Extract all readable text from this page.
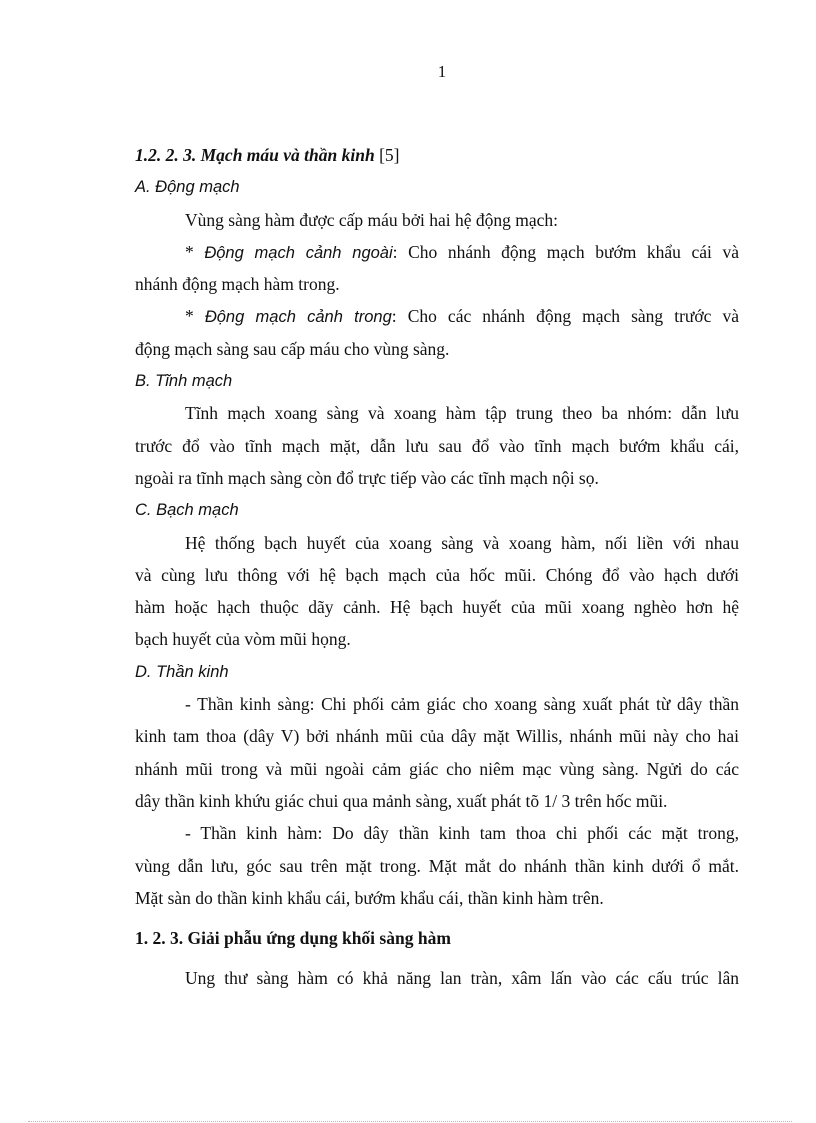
1
1.2. 2. 3. Mạch máu và thần kinh [5]
A. Động mạch
Vùng sàng hàm được cấp máu bởi hai hệ động mạch:
* Động mạch cảnh ngoài: Cho nhánh động mạch bướm khẩu cái và
nhánh động mạch hàm trong.
* Động mạch cảnh trong: Cho các nhánh động mạch sàng trước và
động mạch sàng sau cấp máu cho vùng sàng.
B. Tĩnh mạch
Tĩnh mạch xoang sàng và xoang hàm tập trung theo ba nhóm: dẫn lưu
trước đổ vào tĩnh mạch mặt, dẫn lưu sau đổ vào tĩnh mạch bướm khẩu cái,
ngoài ra tĩnh mạch sàng còn đổ trực tiếp vào các tĩnh mạch nội sọ.
C. Bạch mạch
Hệ thống bạch huyết của xoang sàng và xoang hàm, nối liền với nhau
và cùng lưu thông với hệ bạch mạch của hốc mũi. Chóng đổ vào hạch dưới
hàm hoặc hạch thuộc dãy cảnh. Hệ bạch huyết của mũi xoang nghèo hơn hệ
bạch huyết của vòm mũi họng.
D. Thần kinh
- Thần kinh sàng: Chi phối cảm giác cho xoang sàng xuất phát từ dây thần
kinh tam thoa (dây V) bởi nhánh mũi của dây mặt Willis, nhánh mũi này cho hai
nhánh mũi trong và mũi ngoài cảm giác cho niêm mạc vùng sàng. Ngửi do các
dây thần kinh khứu giác chui qua mảnh sàng, xuất phát tõ 1/ 3 trên hốc mũi.
- Thần kinh hàm: Do dây thần kinh tam thoa chi phối các mặt trong,
vùng dẫn lưu, góc sau trên mặt trong. Mặt mắt do nhánh thần kinh dưới ổ mắt.
Mặt sàn do thần kinh khẩu cái, bướm khẩu cái, thần kinh hàm trên.
1. 2. 3. Giải phẫu ứng dụng khối sàng hàm
Ung thư sàng hàm có khả năng lan tràn, xâm lấn vào các cấu trúc lân
